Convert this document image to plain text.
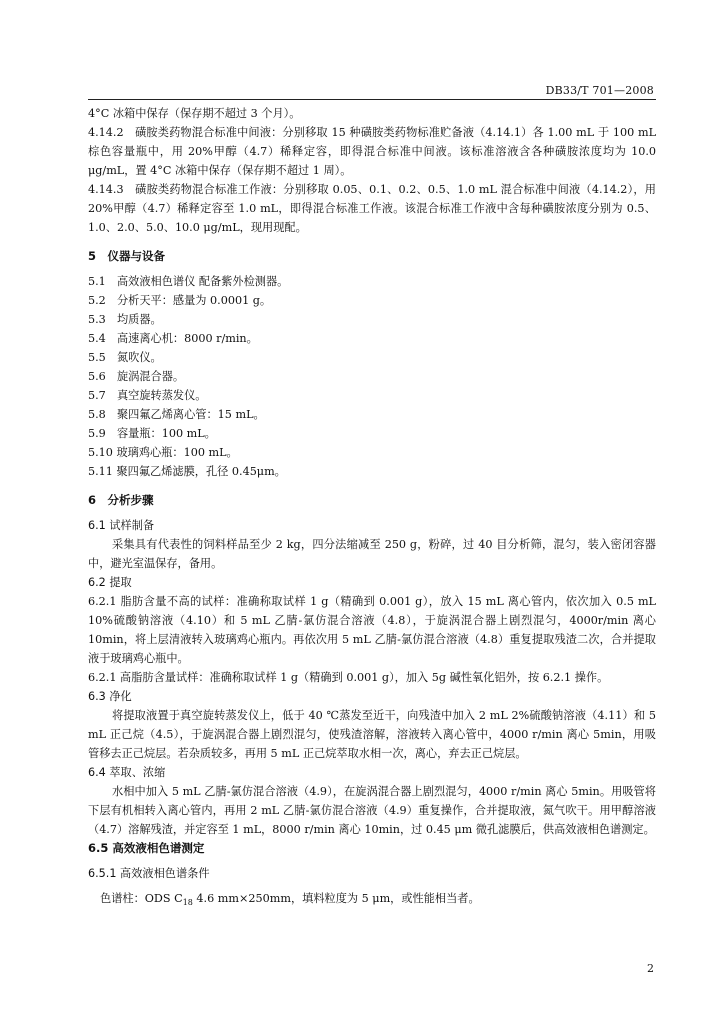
DB33/T 701—2008

4°C 冰箱中保存（保存期不超过 3 个月）。

4.14.2　磺胺类药物混合标准中间液：分别移取 15 种磺胺类药物标准贮备液（4.14.1）各 1.00 mL 于 100 mL 棕色容量瓶中，用 20%甲醇（4.7）稀释定容，即得混合标准中间液。该标准溶液含各种磺胺浓度均为 10.0 μg/mL，置 4°C 冰箱中保存（保存期不超过 1 周）。

4.14.3　磺胺类药物混合标准工作液：分别移取 0.05、0.1、0.2、0.5、1.0 mL 混合标准中间液（4.14.2），用 20%甲醇（4.7）稀释定容至 1.0 mL，即得混合标准工作液。该混合标准工作液中含每种磺胺浓度分别为 0.5、1.0、2.0、5.0、10.0 μg/mL，现用现配。

5　仪器与设备

5.1　高效液相色谱仪 配备紫外检测器。

5.2　分析天平：感量为 0.0001 g。

5.3　均质器。

5.4　高速离心机：8000 r/min。

5.5　氮吹仪。

5.6　旋涡混合器。

5.7　真空旋转蒸发仪。

5.8　聚四氟乙烯离心管：15 mL。

5.9　容量瓶：100 mL。

5.10 玻璃鸡心瓶：100 mL。

5.11 聚四氟乙烯滤膜，孔径 0.45μm。

6　分析步骤

6.1 试样制备

采集具有代表性的饲料样品至少 2 kg，四分法缩减至 250 g，粉碎，过 40 目分析筛，混匀，装入密闭容器中，避光室温保存，备用。

6.2 提取

6.2.1 脂肪含量不高的试样：准确称取试样 1 g（精确到 0.001 g），放入 15 mL 离心管内，依次加入 0.5 mL 10%硫酸钠溶液（4.10）和 5 mL 乙腈-氯仿混合溶液（4.8），于旋涡混合器上剧烈混匀，4000r/min 离心 10min，将上层清液转入玻璃鸡心瓶内。再依次用 5 mL 乙腈-氯仿混合溶液（4.8）重复提取残渣二次，合并提取液于玻璃鸡心瓶中。

6.2.1 高脂肪含量试样：准确称取试样 1 g（精确到 0.001 g），加入 5g 碱性氧化铝外，按 6.2.1 操作。

6.3 净化

将提取液置于真空旋转蒸发仪上，低于 40 ℃蒸发至近干，向残渣中加入 2 mL 2%硫酸钠溶液（4.11）和 5 mL 正己烷（4.5），于旋涡混合器上剧烈混匀，使残渣溶解，溶液转入离心管中，4000 r/min 离心 5min，用吸管移去正己烷层。若杂质较多，再用 5 mL 正己烷萃取水相一次，离心，弃去正己烷层。

6.4 萃取、浓缩

水相中加入 5 mL 乙腈-氯仿混合溶液（4.9），在旋涡混合器上剧烈混匀，4000 r/min 离心 5min。用吸管将下层有机相转入离心管内，再用 2 mL 乙腈-氯仿混合溶液（4.9）重复操作，合并提取液，氮气吹干。用甲醇溶液（4.7）溶解残渣，并定容至 1 mL，8000 r/min 离心 10min，过 0.45 μm 微孔滤膜后，供高效液相色谱测定。

6.5 高效液相色谱测定

6.5.1 高效液相色谱条件

色谱柱：ODS $C_{18}$ 4.6 mm×250mm，填料粒度为 5 μm，或性能相当者。

2
